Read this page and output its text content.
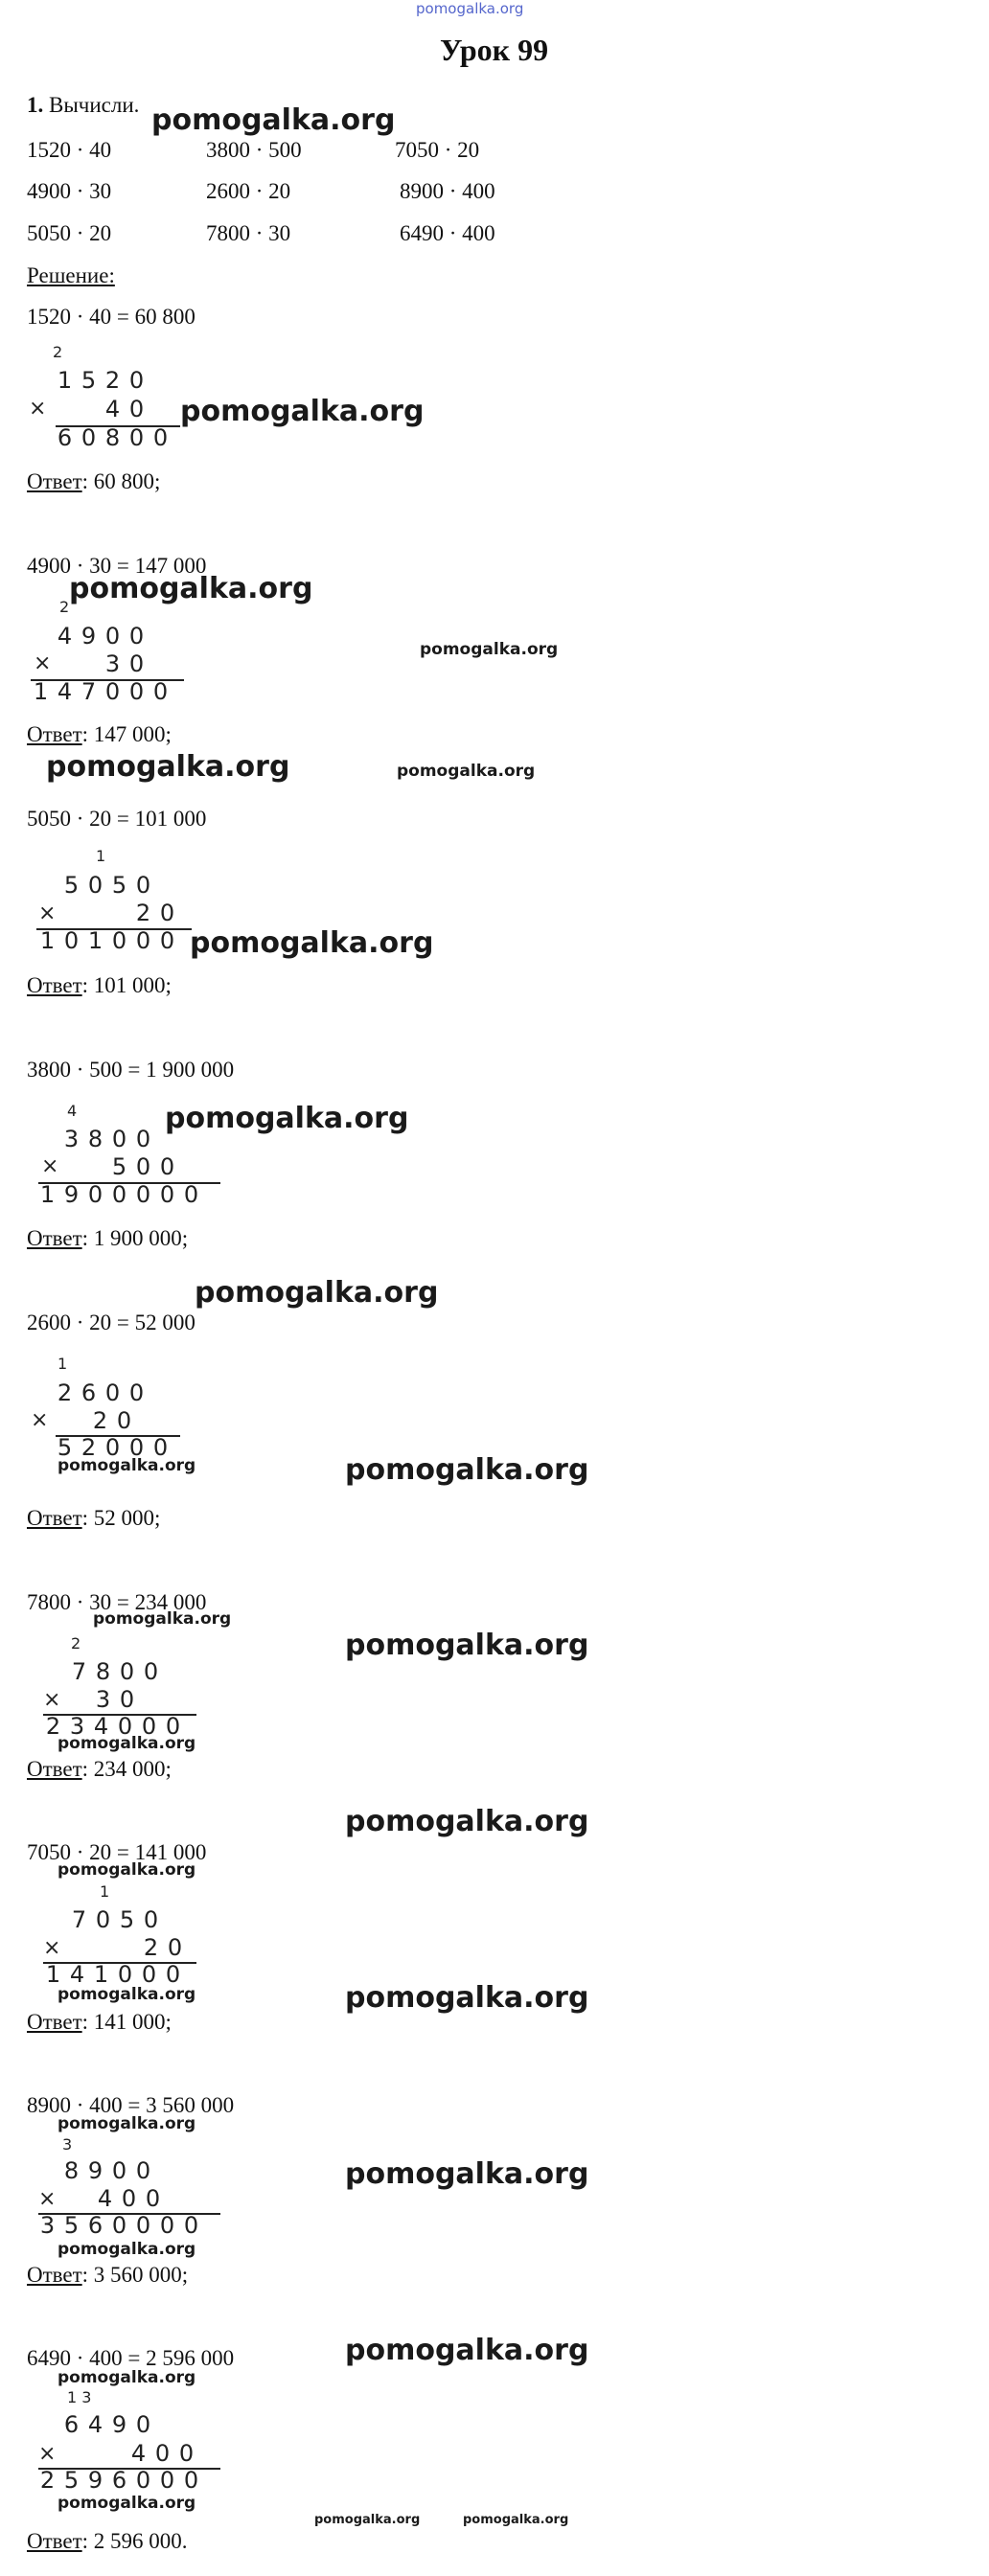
pomogalka.org
Урок 99
1. Вычисли.
1520 · 40	3800 · 500	7050 · 20
4900 · 30	2600 · 20	8900 · 400
5050 · 20	7800 · 30	6490 · 400
Решение:
1520 · 40 = 60 800
2
1 5 2 0
×	4 0
6 0 8 0 0
Ответ: 60 800;
4900 · 30 = 147 000
2
4 9 0 0
× 3 0
1 4 7 0 0 0
Ответ: 147 000;
5050 · 20 = 101 000
1
5 0 5 0
×	2 0
1 0 1 0 0 0
Ответ: 101 000;
3800 · 500 = 1 900 000
4
3 8 0 0
× 5 0 0
1 9 0 0 0 0 0
Ответ: 1 900 000;
2600 · 20 = 52 000
1
2 6 0 0
× 2 0
5 2 0 0 0
Ответ: 52 000;
7800 · 30 = 234 000
2
7 8 0 0
× 3 0
2 3 4 0 0 0
Ответ: 234 000;
7050 · 20 = 141 000
1
7 0 5 0
×	2 0
1 4 1 0 0 0
Ответ: 141 000;
8900 · 400 = 3 560 000
3
8 9 0 0
× 4 0 0
3 5 6 0 0 0 0
Ответ: 3 560 000;
6490 · 400 = 2 596 000
1 3
6 4 9 0
×	4 0 0
2 5 9 6 0 0 0
Ответ: 2 596 000.
pomogalka.org
pomogalka.org
pomogalka.org
pomogalka.org
pomogalka.org	pomogalka.org
pomogalka.org
pomogalka.org
pomogalka.org
pomogalka.org	pomogalka.org
pomogalka.org
pomogalka.org
pomogalka.org
pomogalka.org
pomogalka.org
pomogalka.org
pomogalka.org
pomogalka.org
pomogalka.org
pomogalka.org
pomogalka.org
pomogalka.org
pomogalka.org
pomogalka.org	pomogalka.org
